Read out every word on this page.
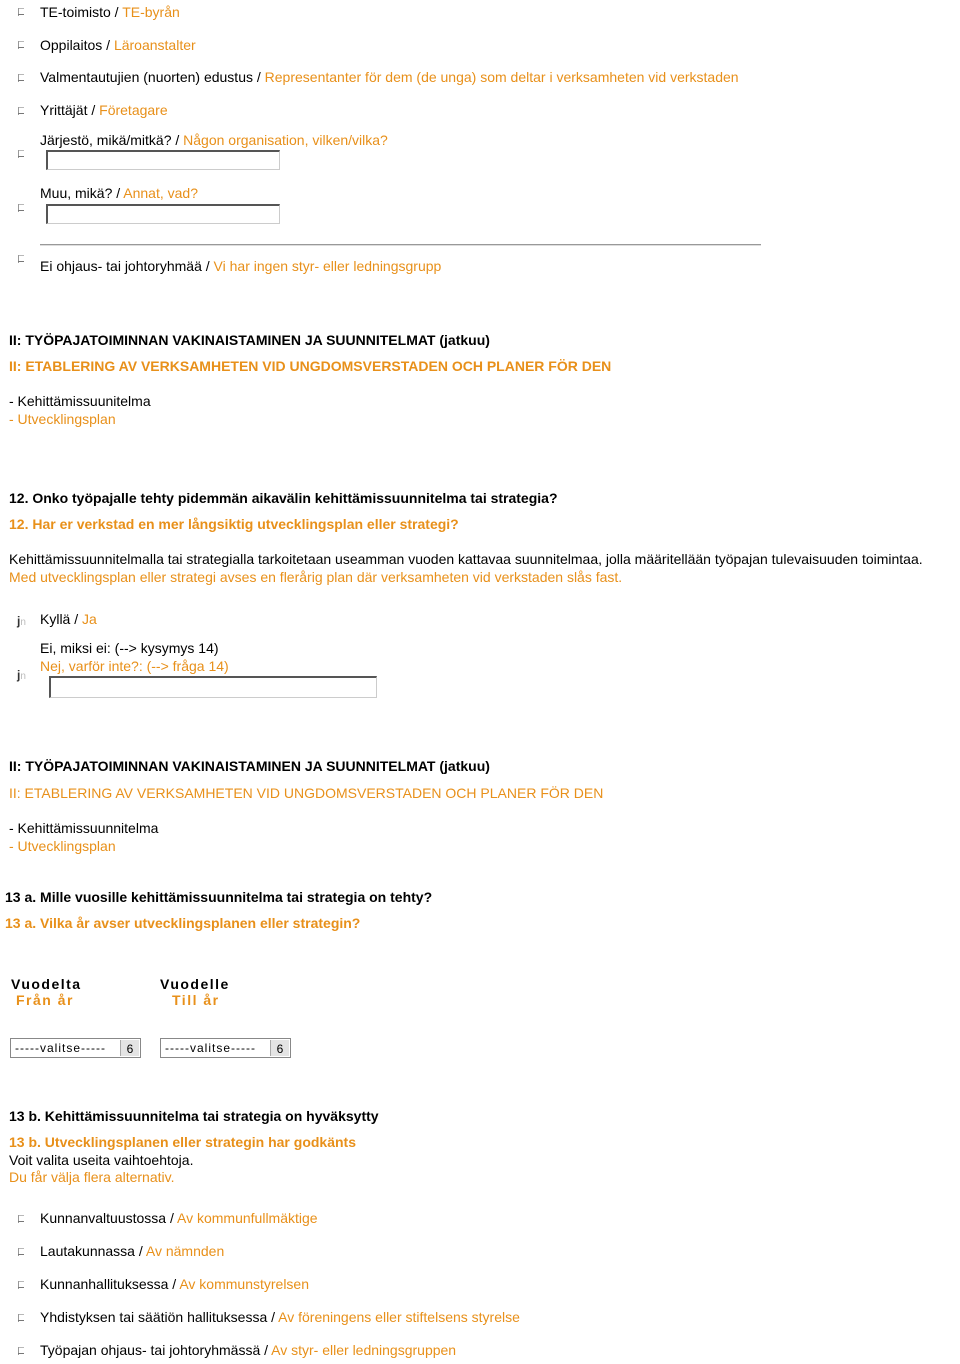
TE-toimisto / TE-byrån
Oppilaitos / Läroanstalter
Valmentautujien (nuorten) edustus / Representanter för dem (de unga) som deltar i verksamheten vid verkstaden
Yrittäjät / Företagare
Järjestö, mikä/mitkä? / Någon organisation, vilken/vilka?
Muu, mikä? / Annat, vad?
Ei ohjaus- tai johtoryhmää / Vi har ingen styr- eller ledningsgrupp
II: TYÖPAJATOIMINNAN VAKINAISTAMINEN JA SUUNNITELMAT (jatkuu)
II: ETABLERING AV VERKSAMHETEN VID UNGDOMSVERSTADEN OCH PLANER FÖR DEN
- Kehittämissuunitelma
- Utvecklingsplan
12. Onko työpajalle tehty pidemmän aikavälin kehittämissuunnitelma tai strategia?
12. Har er verkstad en mer långsiktig utvecklingsplan eller strategi?
Kehittämissuunnitelmalla tai strategialla tarkoitetaan useamman vuoden kattavaa suunnitelmaa, jolla määritellään työpajan tulevaisuuden toimintaa.
Med utvecklingsplan eller strategi avses en flerårig plan där verksamheten vid verkstaden slås fast.
jn	Kyllä / Ja
jn
Ei, miksi ei: (--> kysymys 14)
Nej, varför inte?: (--> fråga 14)
II: TYÖPAJATOIMINNAN VAKINAISTAMINEN JA SUUNNITELMAT (jatkuu)
II: ETABLERING AV VERKSAMHETEN VID UNGDOMSVERSTADEN OCH PLANER FÖR DEN
- Kehittämissuunnitelma
- Utvecklingsplan
13 a. Mille vuosille kehittämissuunnitelma tai strategia on tehty?
13 a. Vilka år avser utvecklingsplanen eller strategin?
Vuodelta
Från år
Vuodelle
Till år
-----valitse-----	6	-----valitse-----	6
13 b. Kehittämissuunnitelma tai strategia on hyväksytty
13 b. Utvecklingsplanen eller strategin har godkänts
Voit valita useita vaihtoehtoja.
Du får välja flera alternativ.
Kunnanvaltuustossa / Av kommunfullmäktige
Lautakunnassa / Av nämnden
Kunnanhallituksessa / Av kommunstyrelsen
Yhdistyksen tai säätiön hallituksessa / Av föreningens eller stiftelsens styrelse
Työpajan ohjaus- tai johtoryhmässä / Av styr- eller ledningsgruppen
